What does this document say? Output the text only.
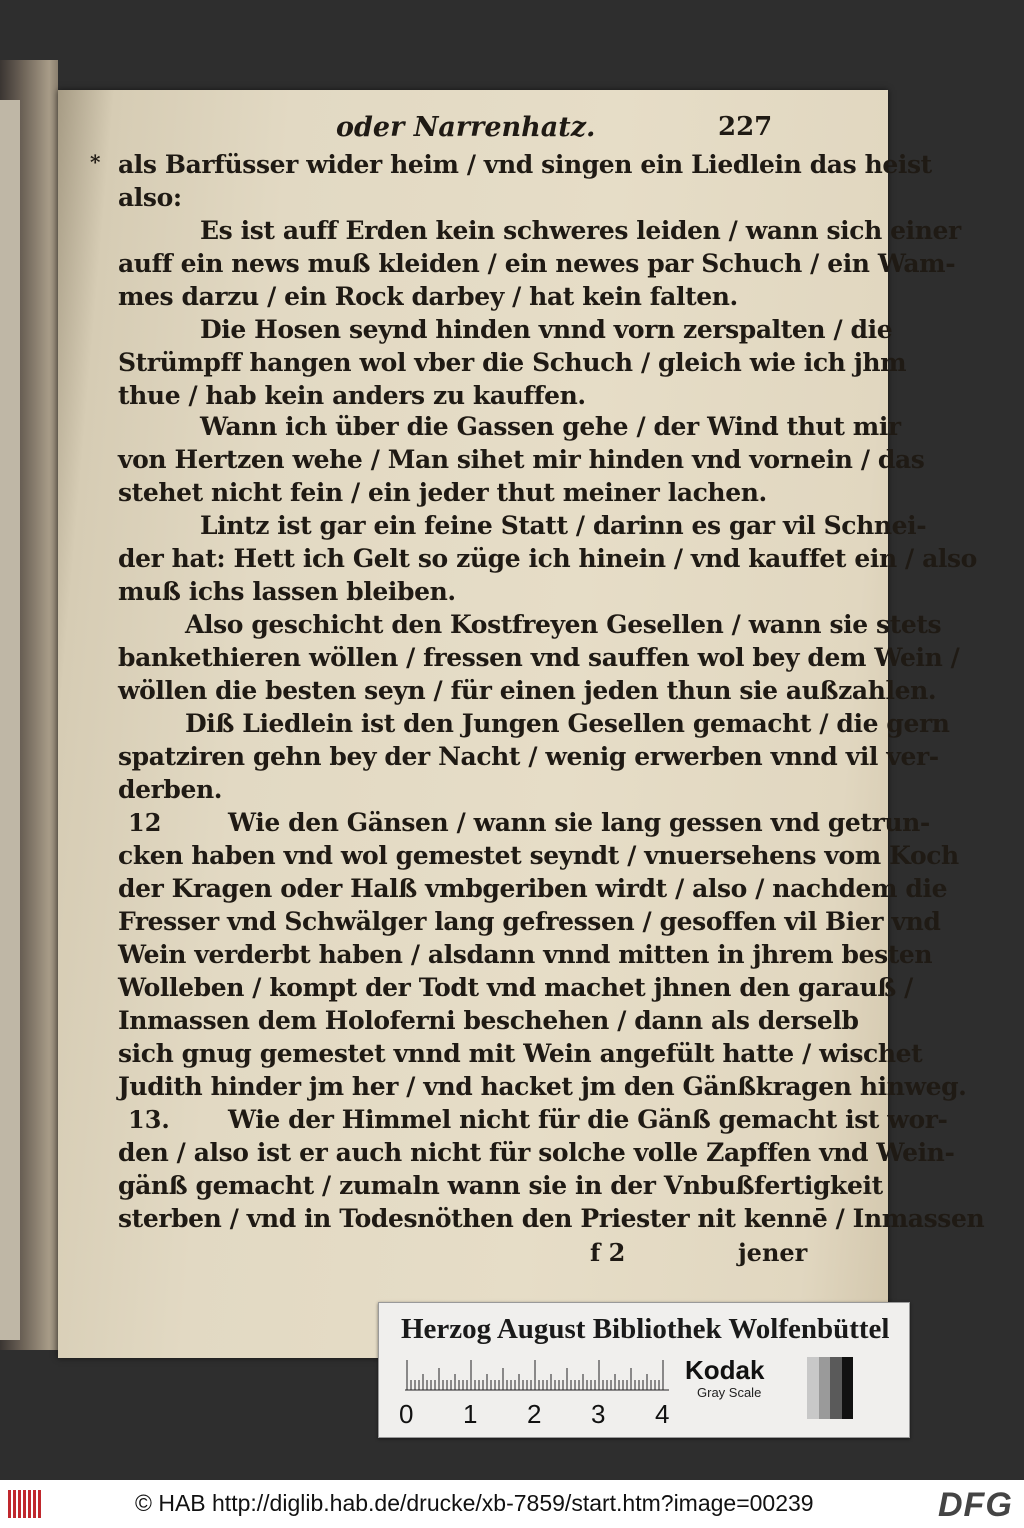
oder Narrenhatz.	227
* als Barfüsser wider heim / vnd singen ein Liedlein das heist
also:
Es ist auff Erden kein schweres leiden / wann sich einer
auff ein news muß kleiden / ein newes par Schuch / ein Wam-
mes darzu / ein Rock darbey / hat kein falten.
Die Hosen seynd hinden vnnd vorn zerspalten / die
Strümpff hangen wol vber die Schuch / gleich wie ich jhm
thue / hab kein anders zu kauffen.
Wann ich über die Gassen gehe / der Wind thut mir
von Hertzen wehe / Man sihet mir hinden vnd vornein / das
stehet nicht fein / ein jeder thut meiner lachen.
Lintz ist gar ein feine Statt / darinn es gar vil Schnei-
der hat: Hett ich Gelt so züge ich hinein / vnd kauffet ein / also
muß ichs lassen bleiben.
Also geschicht den Kostfreyen Gesellen / wann sie stets
bankethieren wöllen / fressen vnd sauffen wol bey dem Wein /
wöllen die besten seyn / für einen jeden thun sie außzahlen.
Diß Liedlein ist den Jungen Gesellen gemacht / die gern
spatziren gehn bey der Nacht / wenig erwerben vnnd vil ver-
derben.
12	Wie den Gänsen / wann sie lang gessen vnd getrun-
cken haben vnd wol gemestet seyndt / vnuersehens vom Koch
der Kragen oder Halß vmbgeriben wirdt / also / nachdem die
Fresser vnd Schwälger lang gefressen / gesoffen vil Bier vnd
Wein verderbt haben / alsdann vnnd mitten in jhrem besten
Wolleben / kompt der Todt vnd machet jhnen den garauß /
Inmassen dem Holoferni beschehen / dann als derselb
sich gnug gemestet vnnd mit Wein angefült hatte / wischet
Judith hinder jm her / vnd hacket jm den Gänßkragen hinweg.
13. Wie der Himmel nicht für die Gänß gemacht ist wor-
den / also ist er auch nicht für solche volle Zapffen vnd Wein-
gänß gemacht / zumaln wann sie in der Vnbußfertigkeit
sterben / vnd in Todesnöthen den Priester nit kennē / Inmassen
f 2	jener
Herzog August Bibliothek Wolfenbüttel
0 1 2 3 4
Kodak
Gray Scale
© HAB http://diglib.hab.de/drucke/xb-7859/start.htm?image=00239	DFG
